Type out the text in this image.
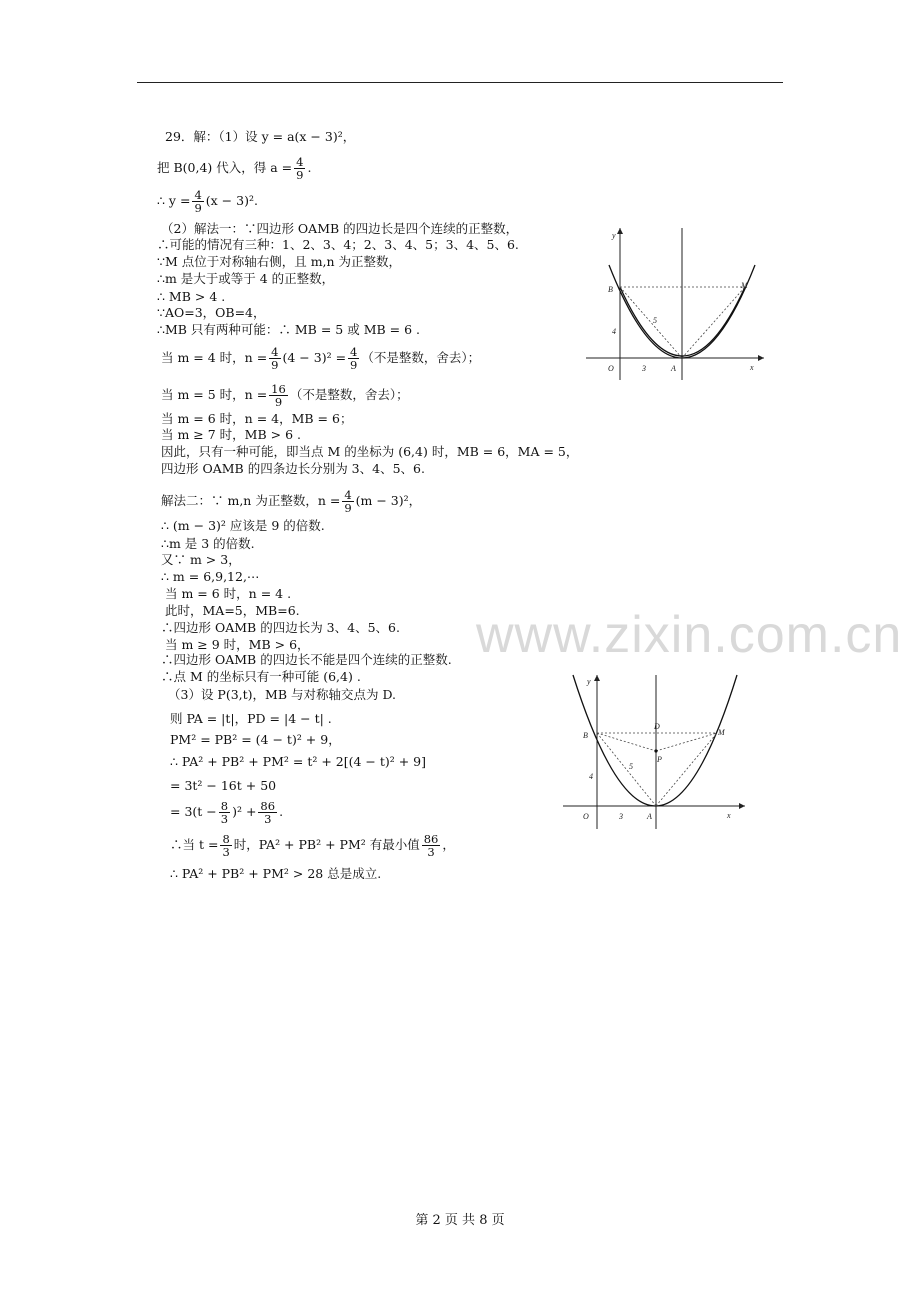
29．解：（1）设 y = a(x − 3)²，
把 B(0,4) 代入，得 $a = \frac{4}{9}$ .
∴ $y = \frac{4}{9} (x - 3)^2$.
（2）解法一：∵四边形 OAMB 的四边长是四个连续的正整数，
∴可能的情况有三种：1、2、3、4；2、3、4、5；3、4、5、6.
∵M 点位于对称轴右侧，且 m,n 为正整数，
∴m 是大于或等于 4 的正整数，
∴ MB > 4 .
∵AO=3，OB=4，
∴MB 只有两种可能：∴ MB = 5 或 MB = 6 .
当 m = 4 时，$n = \frac{4}{9} (4 - 3)^2 = \frac{4}{9}$ （不是整数，舍去）；
当 m = 5 时，$n = \frac{16}{9}$ （不是整数，舍去）；
当 m = 6 时，n = 4，MB = 6；
当 m ≥ 7 时，MB > 6 .
因此，只有一种可能，即当点 M 的坐标为 (6,4) 时，MB = 6，MA = 5，
四边形 OAMB 的四条边长分别为 3、4、5、6.
解法二：∵ m,n 为正整数，$n = \frac{4}{9} (m - 3)^2$，
∴ (m − 3)² 应该是 9 的倍数.
∴m 是 3 的倍数.
又∵ m > 3，
∴ m = 6,9,12,⋯
当 m = 6 时，n = 4 .
此时，MA=5，MB=6.
∴四边形 OAMB 的四边长为 3、4、5、6.
当 m ≥ 9 时，MB > 6，
∴四边形 OAMB 的四边长不能是四个连续的正整数.
∴点 M 的坐标只有一种可能 (6,4) .
（3）设 P(3,t)，MB 与对称轴交点为 D.
则 PA = |t|，PD = |4 − t| .
PM² = PB² = (4 − t)² + 9，
∴ PA² + PB² + PM² = t² + 2[(4 − t)² + 9]
= 3t² − 16t + 50
= $3(t - \frac{8}{3} )^2 + \frac{86}{3}$ .
∴当 $t = \frac{8}{3}$ 时，PA² + PB² + PM² 有最小值 $\frac{86}{3}$ ，
∴ PA² + PB² + PM² > 28 总是成立.
y
x
O	3	A
B	M
4
5
y
x
O	3	A
B	M
D
P
4
5
www.zixin.com.cn
第 2 页 共 8 页
